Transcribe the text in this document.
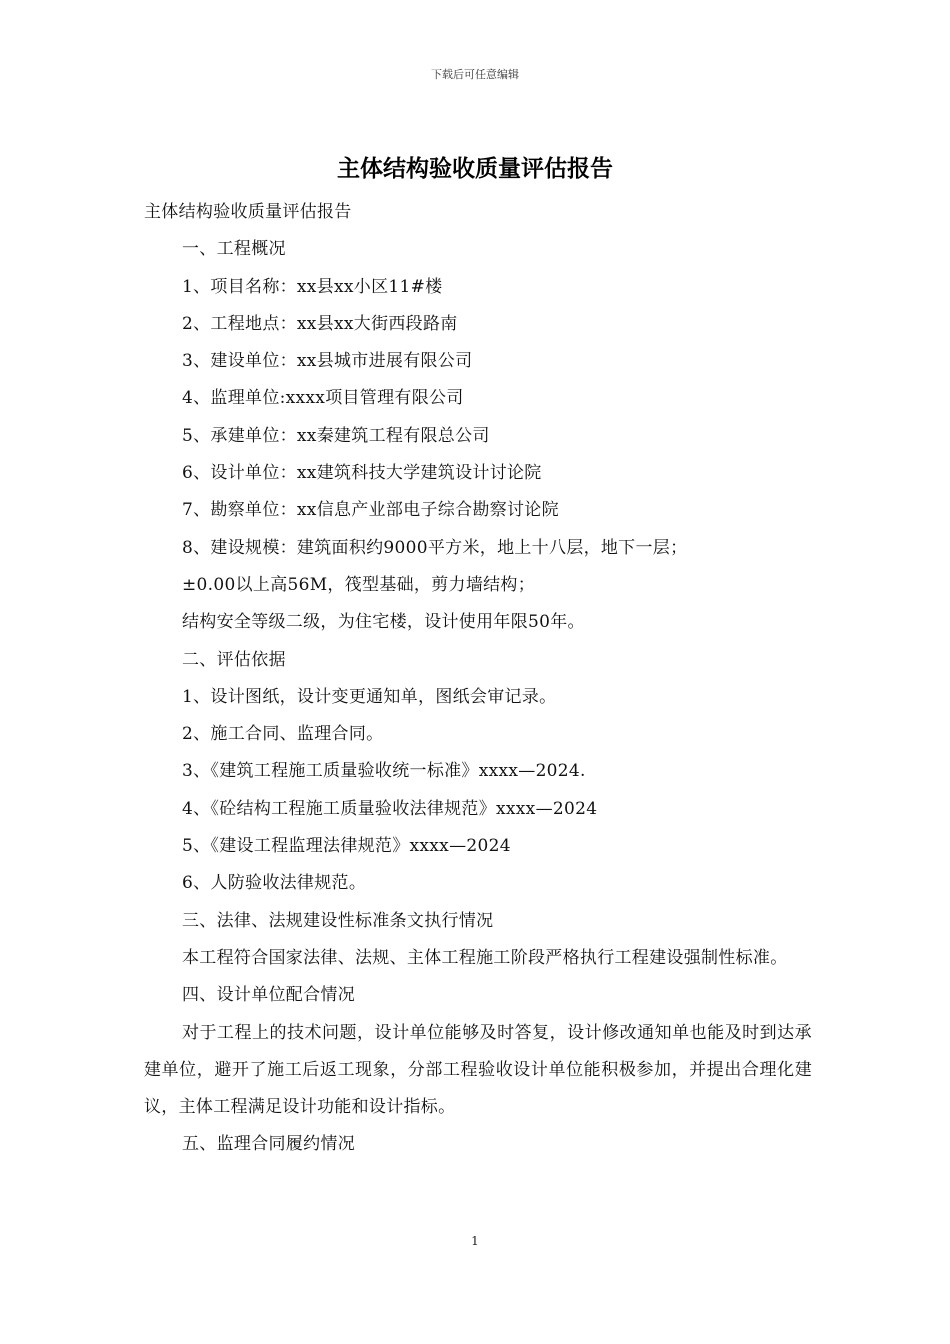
下载后可任意编辑
主体结构验收质量评估报告

主体结构验收质量评估报告

一、工程概况

1、项目名称：xx县xx小区11#楼

2、工程地点：xx县xx大街西段路南

3、建设单位：xx县城市进展有限公司

4、监理单位:xxxx项目管理有限公司

5、承建单位：xx秦建筑工程有限总公司

6、设计单位：xx建筑科技大学建筑设计讨论院

7、勘察单位：xx信息产业部电子综合勘察讨论院

8、建设规模：建筑面积约9000平方米，地上十八层，地下一层；

±0.00以上高56M，筏型基础，剪力墙结构；

结构安全等级二级，为住宅楼，设计使用年限50年。

二、评估依据

1、设计图纸，设计变更通知单，图纸会审记录。

2、施工合同、监理合同。

3、《建筑工程施工质量验收统一标准》xxxx—2024.

4、《砼结构工程施工质量验收法律规范》xxxx—2024

5、《建设工程监理法律规范》xxxx—2024

6、人防验收法律规范。

三、法律、法规建设性标准条文执行情况

本工程符合国家法律、法规、主体工程施工阶段严格执行工程建设强制性标准。

四、设计单位配合情况

对于工程上的技术问题，设计单位能够及时答复，设计修改通知单也能及时到达承建单位，避开了施工后返工现象，分部工程验收设计单位能积极参加，并提出合理化建议，主体工程满足设计功能和设计指标。

五、监理合同履约情况

1
